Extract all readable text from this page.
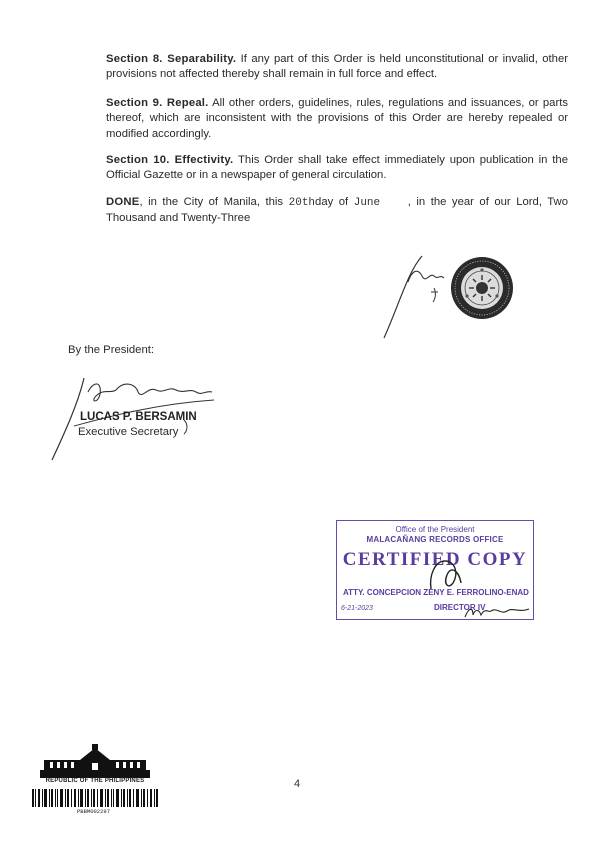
Section 8. Separability. If any part of this Order is held unconstitutional or invalid, other provisions not affected thereby shall remain in full force and effect.
Section 9. Repeal. All other orders, guidelines, rules, regulations and issuances, or parts thereof, which are inconsistent with the provisions of this Order are hereby repealed or modified accordingly.
Section 10. Effectivity. This Order shall take effect immediately upon publication in the Official Gazette or in a newspaper of general circulation.
DONE, in the City of Manila, this 20thday of June , in the year of our Lord, Two Thousand and Twenty-Three
By the President:
LUCAS P. BERSAMIN
Executive Secretary
Office of the President
MALACAÑANG RECORDS OFFICE
CERTIFIED COPY
ATTY. CONCEPCION ZENY E. FERROLINO-ENAD
6-21-2023	DIRECTOR IV
4
REPUBLIC OF THE PHILIPPINES
PBBM002297
